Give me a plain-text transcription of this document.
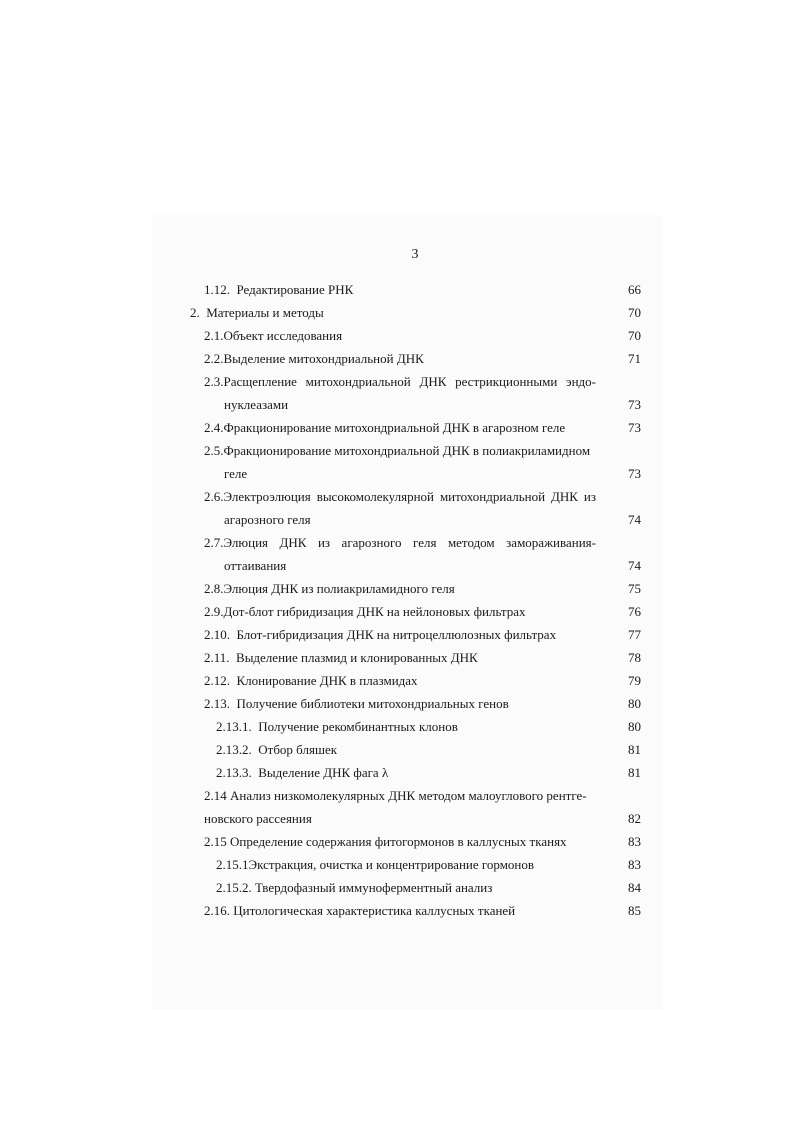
3
1.12. Редактирование РНК	66
2. Материалы и методы	70
2.1.Объект исследования	70
2.2.Выделение митохондриальной ДНК	71
2.3.Расщепление митохондриальной ДНК рестрикционными эндо-
нуклеазами	73
2.4.Фракционирование митохондриальной ДНК в агарозном геле	73
2.5.Фракционирование митохондриальной ДНК в полиакриламидном
геле	73
2.6.Электроэлюция высокомолекулярной митохондриальной ДНК из
агарозного геля	74
2.7.Элюция ДНК из агарозного геля методом замораживания-
оттаивания	74
2.8.Элюция ДНК из полиакриламидного геля	75
2.9.Дот-блот гибридизация ДНК на нейлоновых фильтрах	76
2.10.  Блот-гибридизация ДНК на нитроцеллюлозных фильтрах	77
2.11.  Выделение плазмид и клонированных ДНК	78
2.12.  Клонирование ДНК в плазмидах	79
2.13.  Получение библиотеки митохондриальных генов	80
2.13.1.  Получение рекомбинантных клонов	80
2.13.2.  Отбор бляшек	81
2.13.3.  Выделение ДНК фага λ	81
2.14 Анализ низкомолекулярных ДНК методом малоуглового рентге-
новского рассеяния	82
2.15 Определение содержания фитогормонов в каллусных тканях	83
2.15.1Экстракция, очистка и концентрирование гормонов	83
2.15.2. Твердофазный иммуноферментный анализ	84
2.16. Цитологическая характеристика каллусных тканей	85
